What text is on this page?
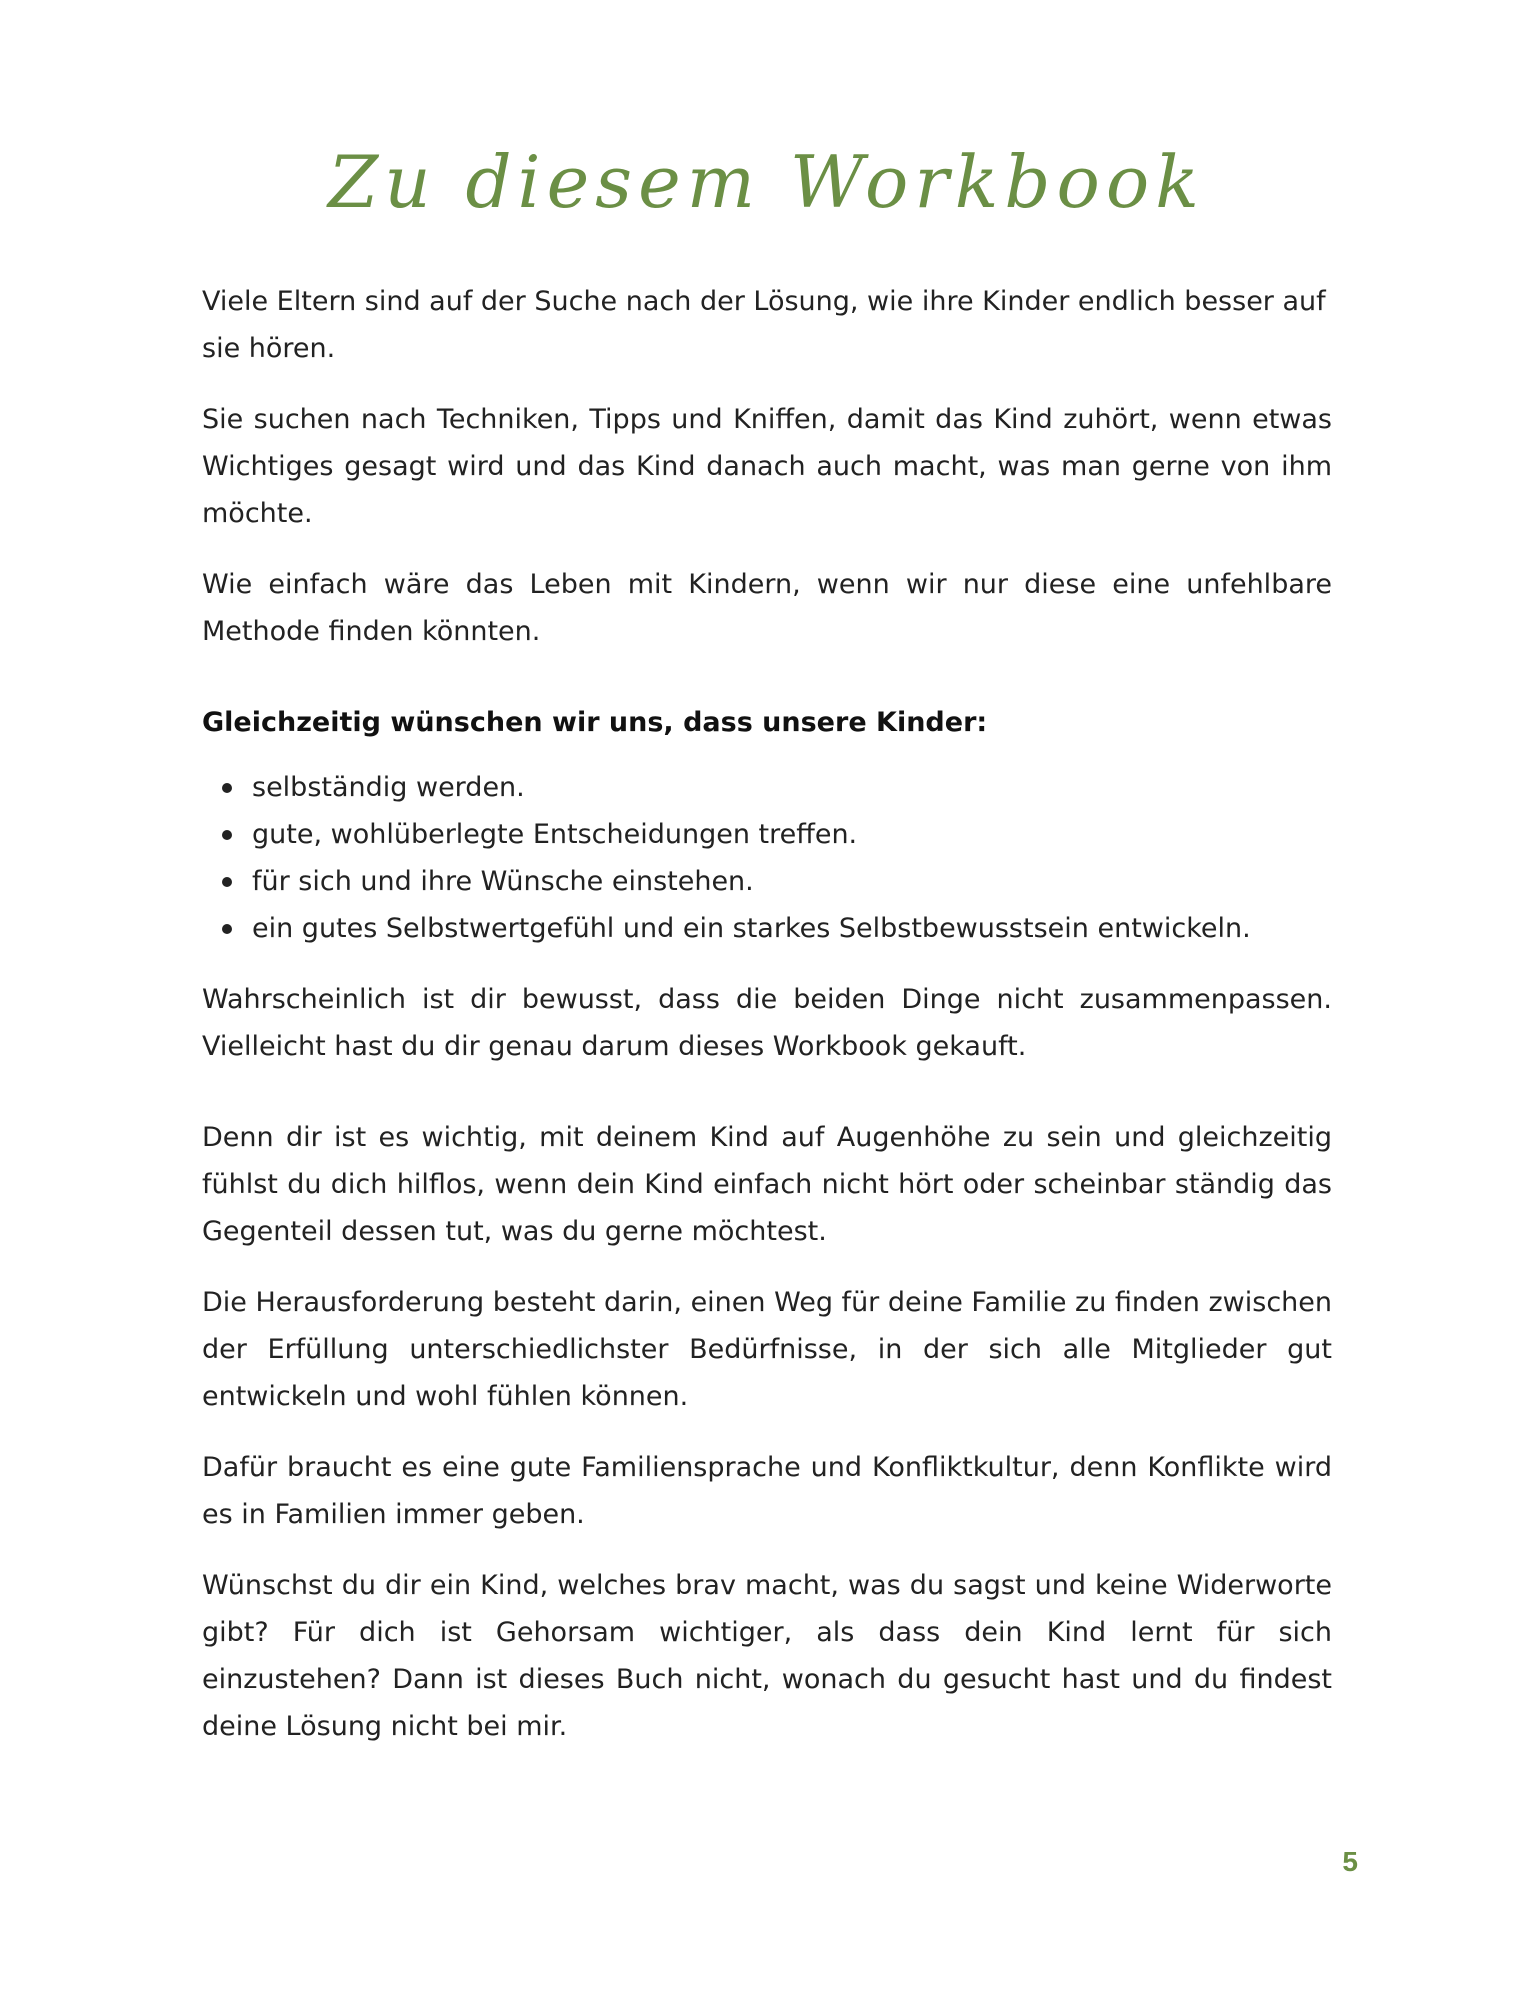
Zu diesem Workbook

Viele Eltern sind auf der Suche nach der Lösung, wie ihre Kinder endlich besser auf sie hören.

Sie suchen nach Techniken, Tipps und Kniffen, damit das Kind zuhört, wenn etwas Wichtiges gesagt wird und das Kind danach auch macht, was man gerne von ihm möchte.

Wie einfach wäre das Leben mit Kindern, wenn wir nur diese eine unfehlbare Methode finden könnten.

Gleichzeitig wünschen wir uns, dass unsere Kinder:
selbständig werden.
gute, wohlüberlegte Entscheidungen treffen.
für sich und ihre Wünsche einstehen.
ein gutes Selbstwertgefühl und ein starkes Selbstbewusstsein entwickeln.

Wahrscheinlich ist dir bewusst, dass die beiden Dinge nicht zusammenpassen. Vielleicht hast du dir genau darum dieses Workbook gekauft.

Denn dir ist es wichtig, mit deinem Kind auf Augenhöhe zu sein und gleichzeitig fühlst du dich hilflos, wenn dein Kind einfach nicht hört oder scheinbar ständig das Gegenteil dessen tut, was du gerne möchtest.

Die Herausforderung besteht darin, einen Weg für deine Familie zu finden zwischen der Erfüllung unterschiedlichster Bedürfnisse, in der sich alle Mitglieder gut entwickeln und wohl fühlen können.

Dafür braucht es eine gute Familiensprache und Konfliktkultur, denn Konflikte wird es in Familien immer geben.

Wünschst du dir ein Kind, welches brav macht, was du sagst und keine Widerworte gibt? Für dich ist Gehorsam wichtiger, als dass dein Kind lernt für sich einzustehen? Dann ist dieses Buch nicht, wonach du gesucht hast und du findest deine Lösung nicht bei mir.

5
